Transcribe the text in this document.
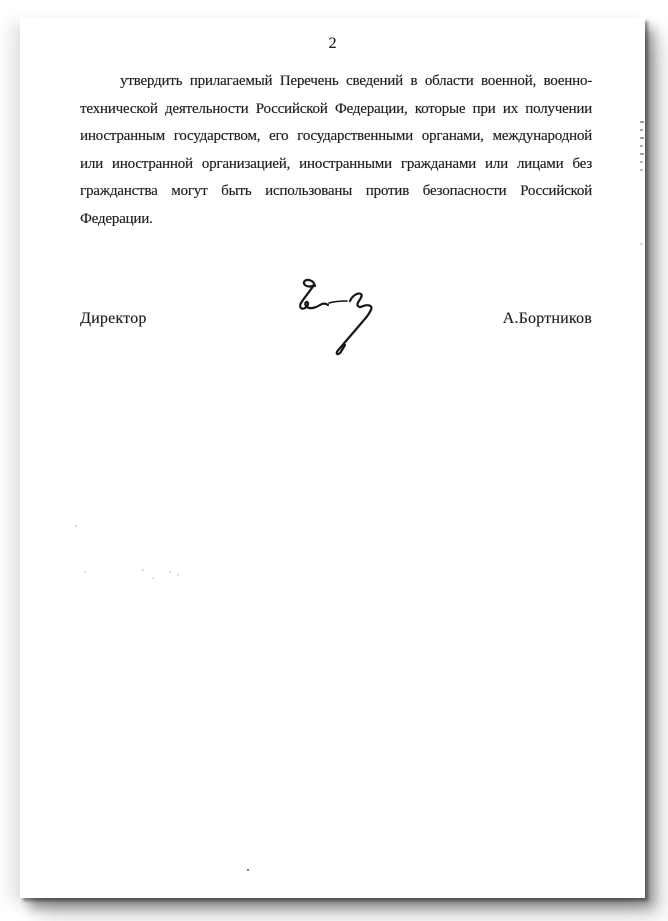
2
утвердить прилагаемый Перечень сведений в области военной, военно-
технической деятельности Российской Федерации, которые при их получении
иностранным государством, его государственными органами, международной
или иностранной организацией, иностранными гражданами или лицами без
гражданства могут быть использованы против безопасности Российской
Федерации.
Директор	А.Бортников
